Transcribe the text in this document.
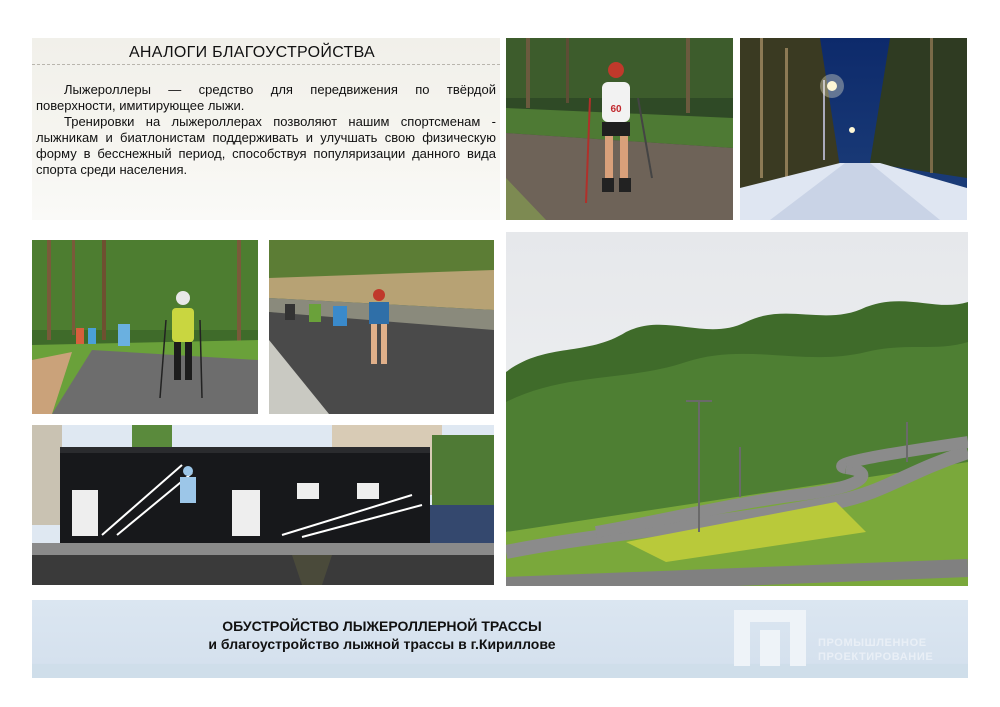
АНАЛОГИ БЛАГОУСТРОЙСТВА

Лыжероллеры — средство для передвижения по твёрдой поверхности, имитирующее лыжи.

Тренировки на лыжероллерах позволяют нашим спортсменам - лыжникам и биатлонистам поддерживать и улучшать свою физическую форму в бесснежный период, способствуя популяризации данного вида спорта среди населения.

60
ОБУСТРОЙСТВО ЛЫЖЕРОЛЛЕРНОЙ ТРАССЫ
и благоустройство лыжной трассы в г.Кириллове	ПРОМЫШЛЕННОЕ
ПРОЕКТИРОВАНИЕ
